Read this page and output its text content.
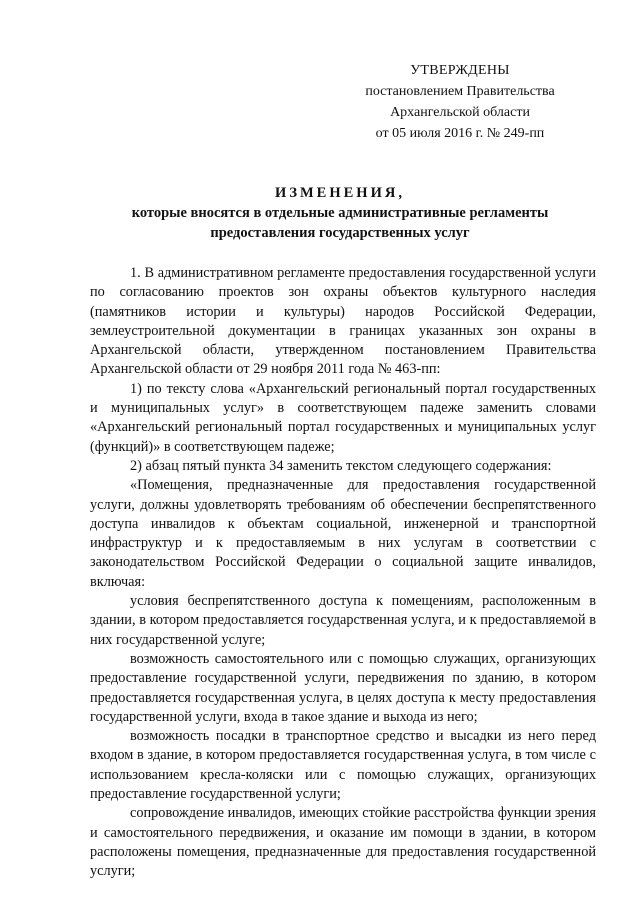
УТВЕРЖДЕНЫ
постановлением Правительства
Архангельской области
от 05 июля 2016 г. № 249-пп
ИЗМЕНЕНИЯ,
которые вносятся в отдельные административные регламенты
предоставления государственных услуг

1. В административном регламенте предоставления государственной услуги по согласованию проектов зон охраны объектов культурного наследия (памятников истории и культуры) народов Российской Федерации, землеустроительной документации в границах указанных зон охраны в Архангельской области, утвержденном постановлением Правительства Архангельской области от 29 ноября 2011 года № 463-пп:

1) по тексту слова «Архангельский региональный портал государственных и муниципальных услуг» в соответствующем падеже заменить словами «Архангельский региональный портал государственных и муниципальных услуг (функций)» в соответствующем падеже;

2) абзац пятый пункта 34 заменить текстом следующего содержания:

«Помещения, предназначенные для предоставления государственной услуги, должны удовлетворять требованиям об обеспечении беспрепятственного доступа инвалидов к объектам социальной, инженерной и транспортной инфраструктур и к предоставляемым в них услугам в соответствии с законодательством Российской Федерации о социальной защите инвалидов, включая:

условия беспрепятственного доступа к помещениям, расположенным в здании, в котором предоставляется государственная услуга, и к предоставляемой в них государственной услуге;

возможность самостоятельного или с помощью служащих, организующих предоставление государственной услуги, передвижения по зданию, в котором предоставляется государственная услуга, в целях доступа к месту предоставления государственной услуги, входа в такое здание и выхода из него;

возможность посадки в транспортное средство и высадки из него перед входом в здание, в котором предоставляется государственная услуга, в том числе с использованием кресла-коляски или с помощью служащих, организующих предоставление государственной услуги;

сопровождение инвалидов, имеющих стойкие расстройства функции зрения и самостоятельного передвижения, и оказание им помощи в здании, в котором расположены помещения, предназначенные для предоставления государственной услуги;
